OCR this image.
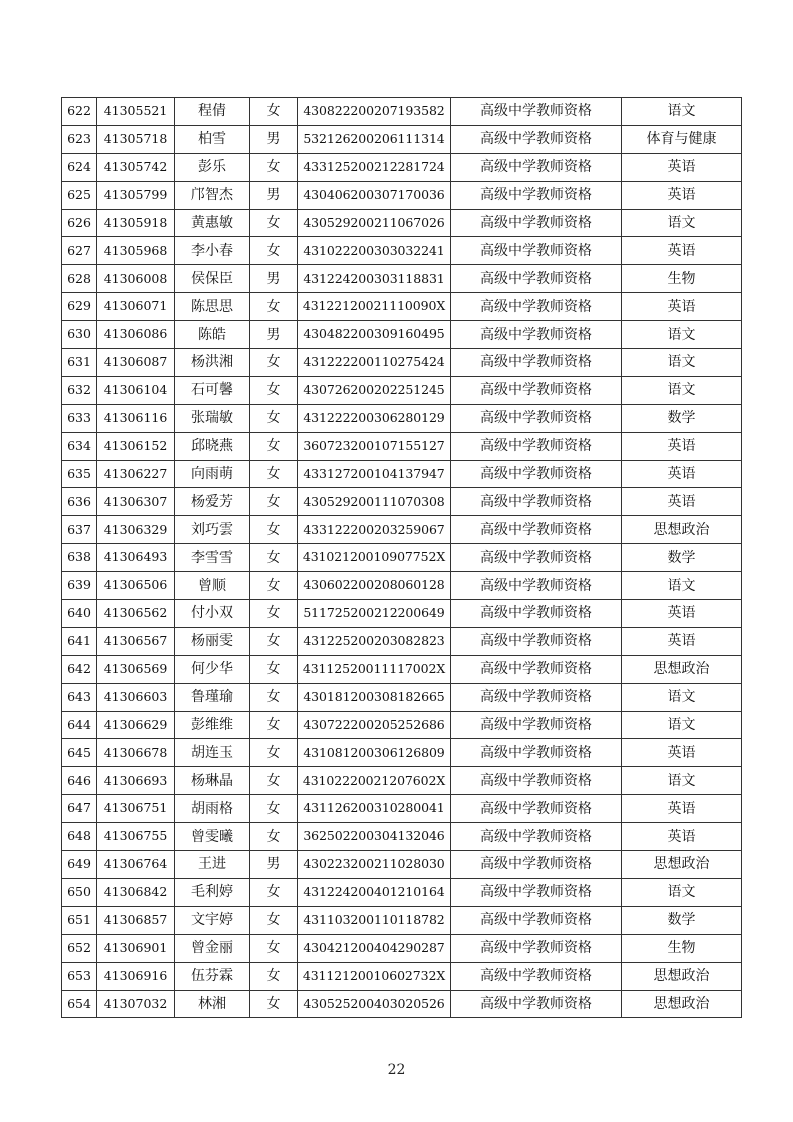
622	41305521	程倩	女	430822200207193582	高级中学教师资格	语文
623	41305718	柏雪	男	532126200206111314	高级中学教师资格	体育与健康
624	41305742	彭乐	女	433125200212281724	高级中学教师资格	英语
625	41305799	邝智杰	男	430406200307170036	高级中学教师资格	英语
626	41305918	黄惠敏	女	430529200211067026	高级中学教师资格	语文
627	41305968	李小春	女	431022200303032241	高级中学教师资格	英语
628	41306008	侯保臣	男	431224200303118831	高级中学教师资格	生物
629	41306071	陈思思	女	43122120021110090X	高级中学教师资格	英语
630	41306086	陈皓	男	430482200309160495	高级中学教师资格	语文
631	41306087	杨洪湘	女	431222200110275424	高级中学教师资格	语文
632	41306104	石可馨	女	430726200202251245	高级中学教师资格	语文
633	41306116	张瑞敏	女	431222200306280129	高级中学教师资格	数学
634	41306152	邱晓燕	女	360723200107155127	高级中学教师资格	英语
635	41306227	向雨萌	女	433127200104137947	高级中学教师资格	英语
636	41306307	杨爱芳	女	430529200111070308	高级中学教师资格	英语
637	41306329	刘巧雲	女	433122200203259067	高级中学教师资格	思想政治
638	41306493	李雪雪	女	43102120010907752X	高级中学教师资格	数学
639	41306506	曾顺	女	430602200208060128	高级中学教师资格	语文
640	41306562	付小双	女	511725200212200649	高级中学教师资格	英语
641	41306567	杨丽雯	女	431225200203082823	高级中学教师资格	英语
642	41306569	何少华	女	43112520011117002X	高级中学教师资格	思想政治
643	41306603	鲁瑾瑜	女	430181200308182665	高级中学教师资格	语文
644	41306629	彭维维	女	430722200205252686	高级中学教师资格	语文
645	41306678	胡连玉	女	431081200306126809	高级中学教师资格	英语
646	41306693	杨琳晶	女	43102220021207602X	高级中学教师资格	语文
647	41306751	胡雨格	女	431126200310280041	高级中学教师资格	英语
648	41306755	曾雯曦	女	362502200304132046	高级中学教师资格	英语
649	41306764	王进	男	430223200211028030	高级中学教师资格	思想政治
650	41306842	毛利婷	女	431224200401210164	高级中学教师资格	语文
651	41306857	文宇婷	女	431103200110118782	高级中学教师资格	数学
652	41306901	曾金丽	女	430421200404290287	高级中学教师资格	生物
653	41306916	伍芬霖	女	43112120010602732X	高级中学教师资格	思想政治
654	41307032	林湘	女	430525200403020526	高级中学教师资格	思想政治
22
